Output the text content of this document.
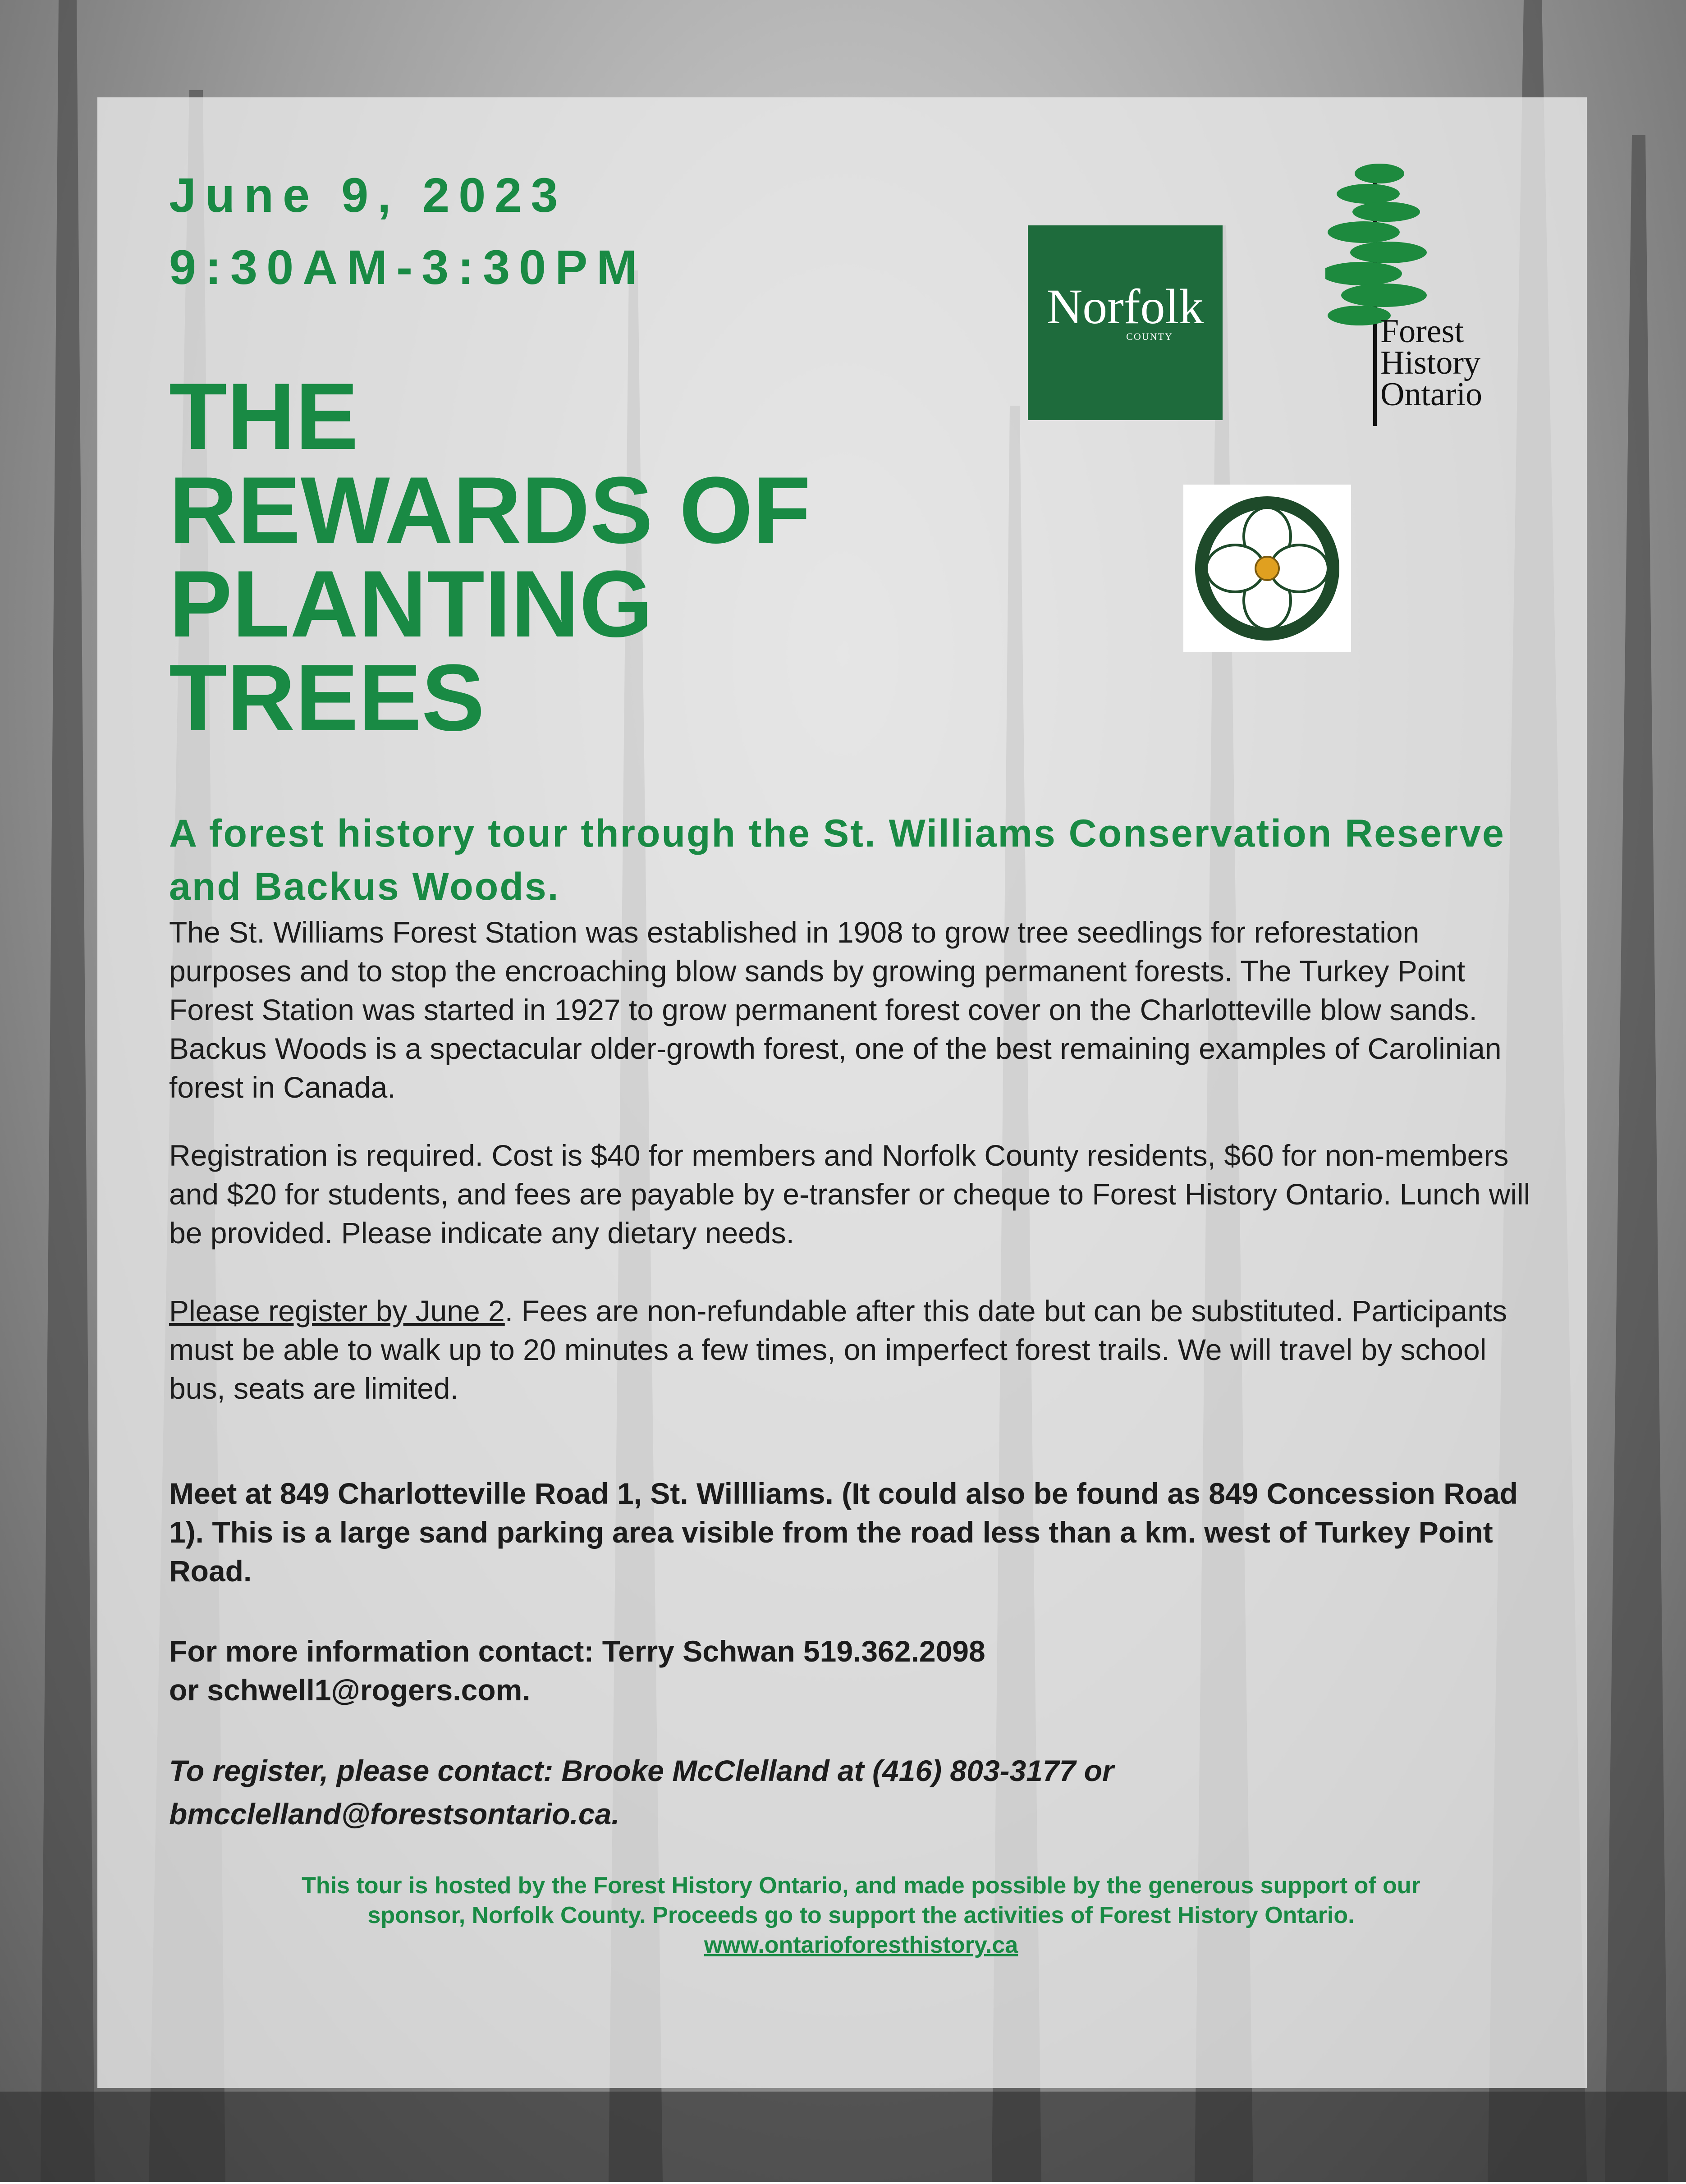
June 9, 2023
9:30AM-3:30PM
THE
REWARDS OF
PLANTING
TREES
Norfolk
COUNTY	Forest
History
Ontario
A forest history tour through the St. Williams Conservation Reserve and Backus Woods.
The St. Williams Forest Station was established in 1908 to grow tree seedlings for reforestation purposes and to stop the encroaching blow sands by growing permanent forests. The Turkey Point Forest Station was started in 1927 to grow permanent forest cover on the Charlotteville blow sands. Backus Woods is a spectacular older-growth forest, one of the best remaining examples of Carolinian forest in Canada.
Registration is required. Cost is $40 for members and Norfolk County residents, $60 for non-members and $20 for students, and fees are payable by e-transfer or cheque to Forest History Ontario. Lunch will be provided. Please indicate any dietary needs.
Please register by June 2. Fees are non-refundable after this date but can be substituted. Participants must be able to walk up to 20 minutes a few times, on imperfect forest trails. We will travel by school bus, seats are limited.
Meet at 849 Charlotteville Road 1, St. Willliams. (It could also be found as 849 Concession Road 1). This is a large sand parking area visible from the road less than a km. west of Turkey Point Road.
For more information contact: Terry Schwan 519.362.2098
or schwell1@rogers.com.
To register, please contact: Brooke McClelland at (416) 803-3177 or
bmcclelland@forestsontario.ca.
This tour is hosted by the Forest History Ontario, and made possible by the generous support of our
sponsor, Norfolk County. Proceeds go to support the activities of Forest History Ontario.
www.ontarioforesthistory.ca
